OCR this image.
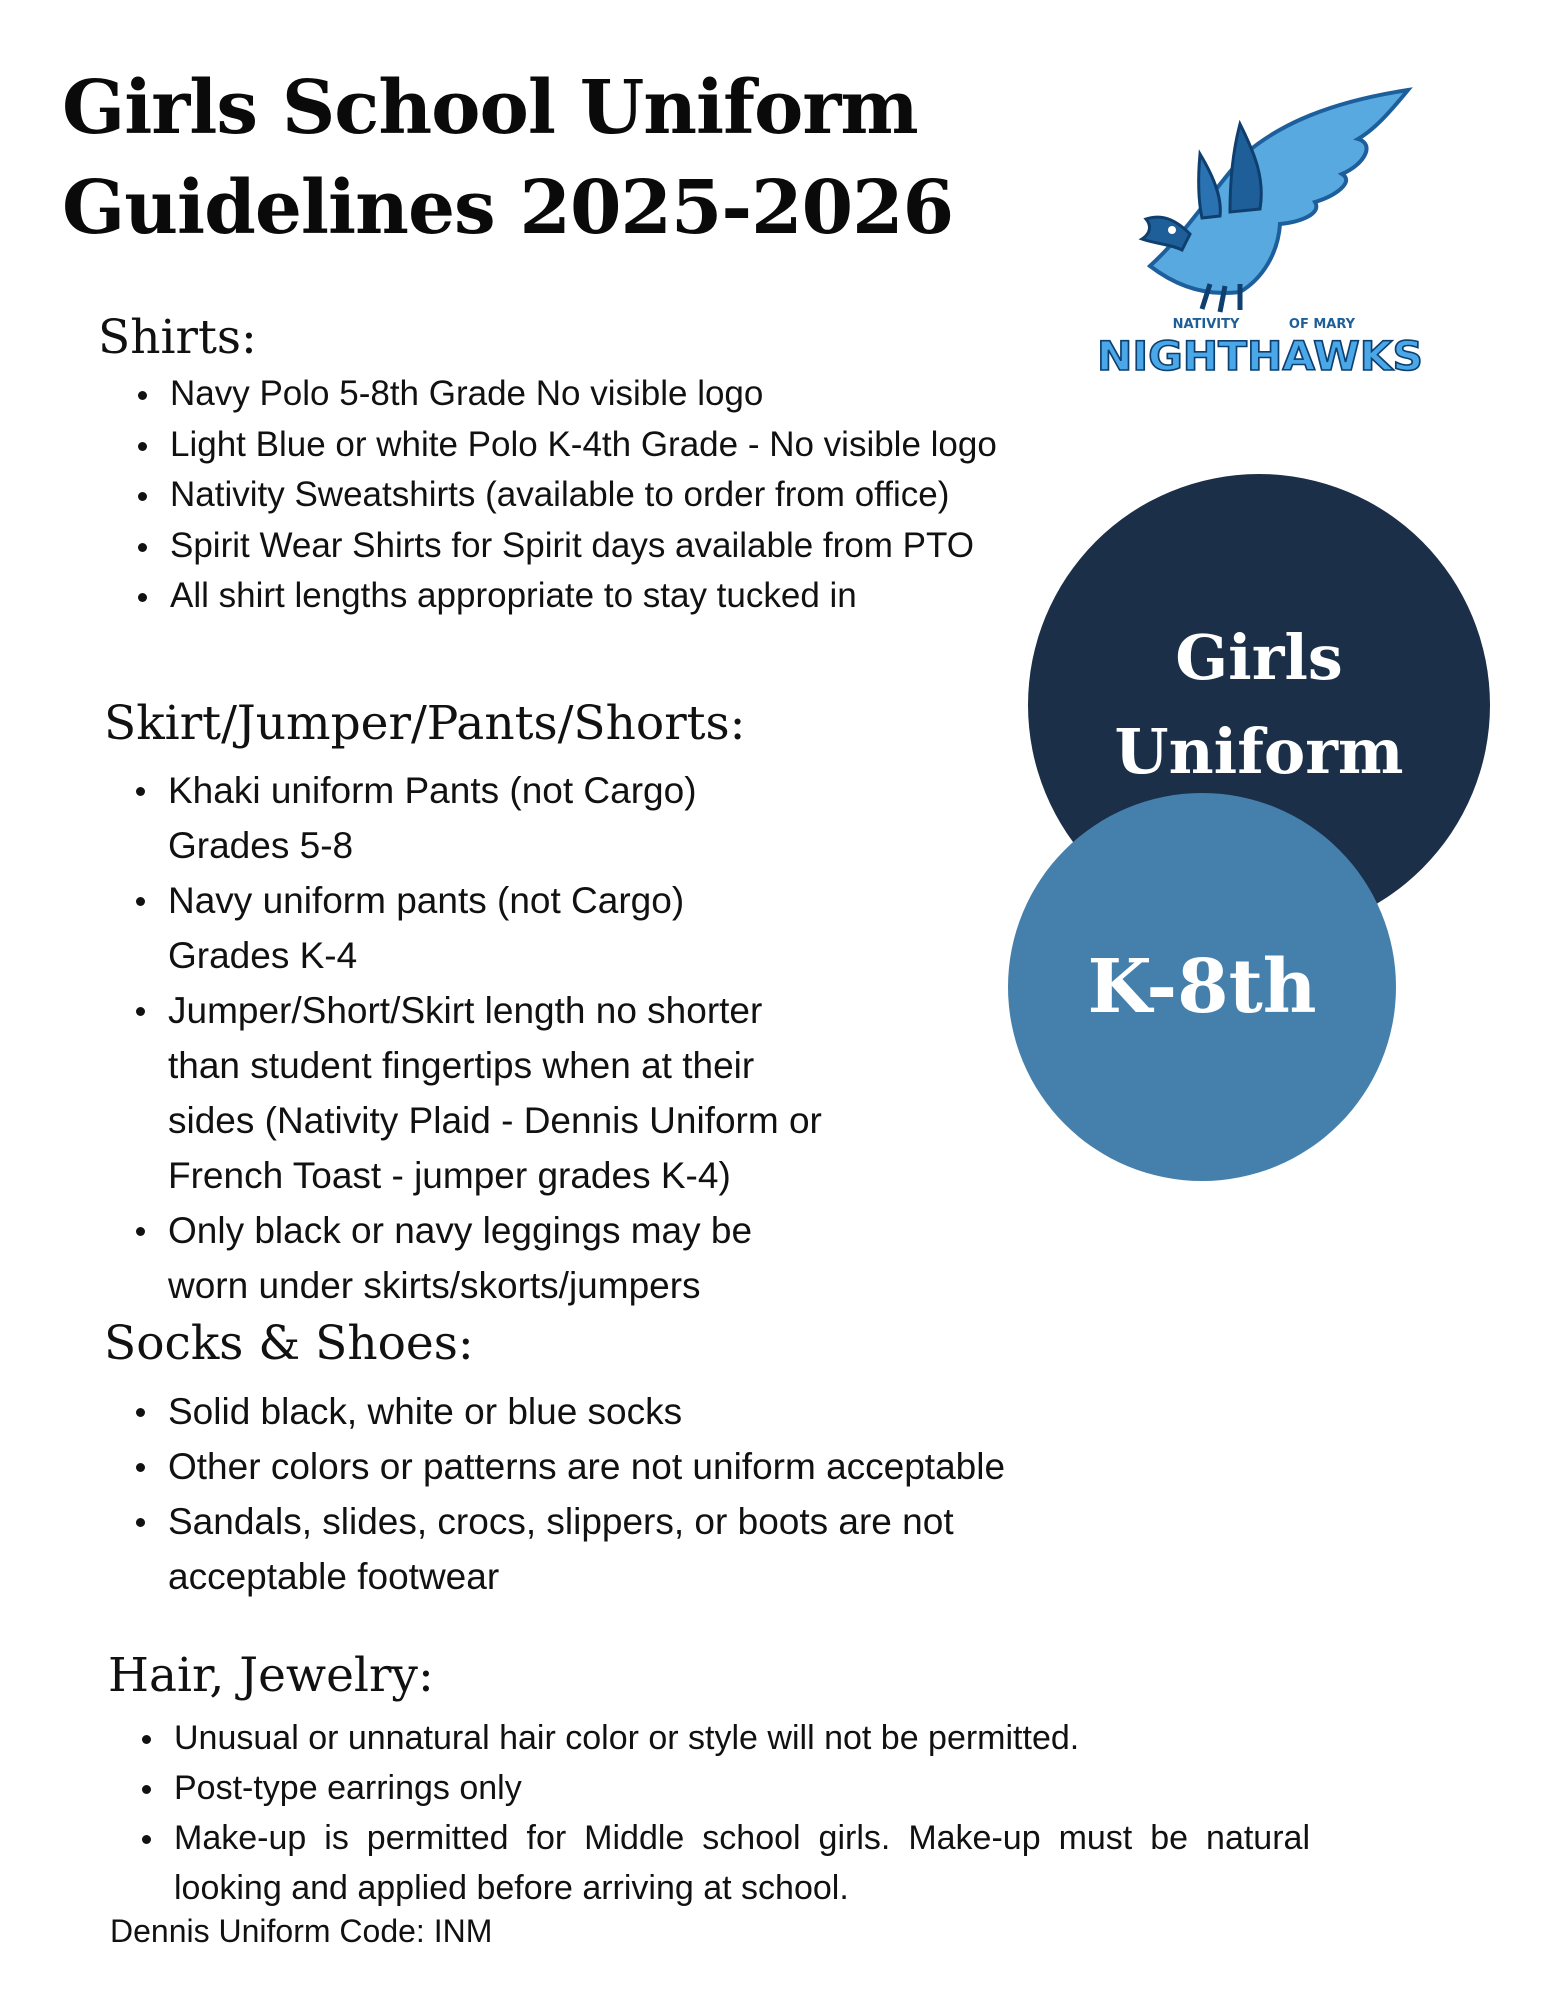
Girls School Uniform
Guidelines 2025-2026
NATIVITY	OF MARY
NIGHTHAWKS
Shirts:
Navy Polo 5-8th Grade No visible logo
Light Blue or white Polo K-4th Grade - No visible logo
Nativity Sweatshirts (available to order from office)
Spirit Wear Shirts for Spirit days available from PTO
All shirt lengths appropriate to stay tucked in
Skirt/Jumper/Pants/Shorts:
Khaki uniform Pants (not Cargo)
Grades 5-8
Navy uniform pants (not Cargo)
Grades K-4
Jumper/Short/Skirt length no shorter
than student fingertips when at their
sides (Nativity Plaid - Dennis Uniform or
French Toast - jumper grades K-4)
Only black or navy leggings may be
worn under skirts/skorts/jumpers
Socks & Shoes:
Solid black, white or blue socks
Other colors or patterns are not uniform acceptable
Sandals, slides, crocs, slippers, or boots are not
acceptable footwear
Hair, Jewelry:
Unusual or unnatural hair color or style will not be permitted.
Post-type earrings only
Make-up is permitted for Middle school girls. Make-up must be natural looking and applied before arriving at school.
Dennis Uniform Code: INM
Girls
Uniform
K-8th
